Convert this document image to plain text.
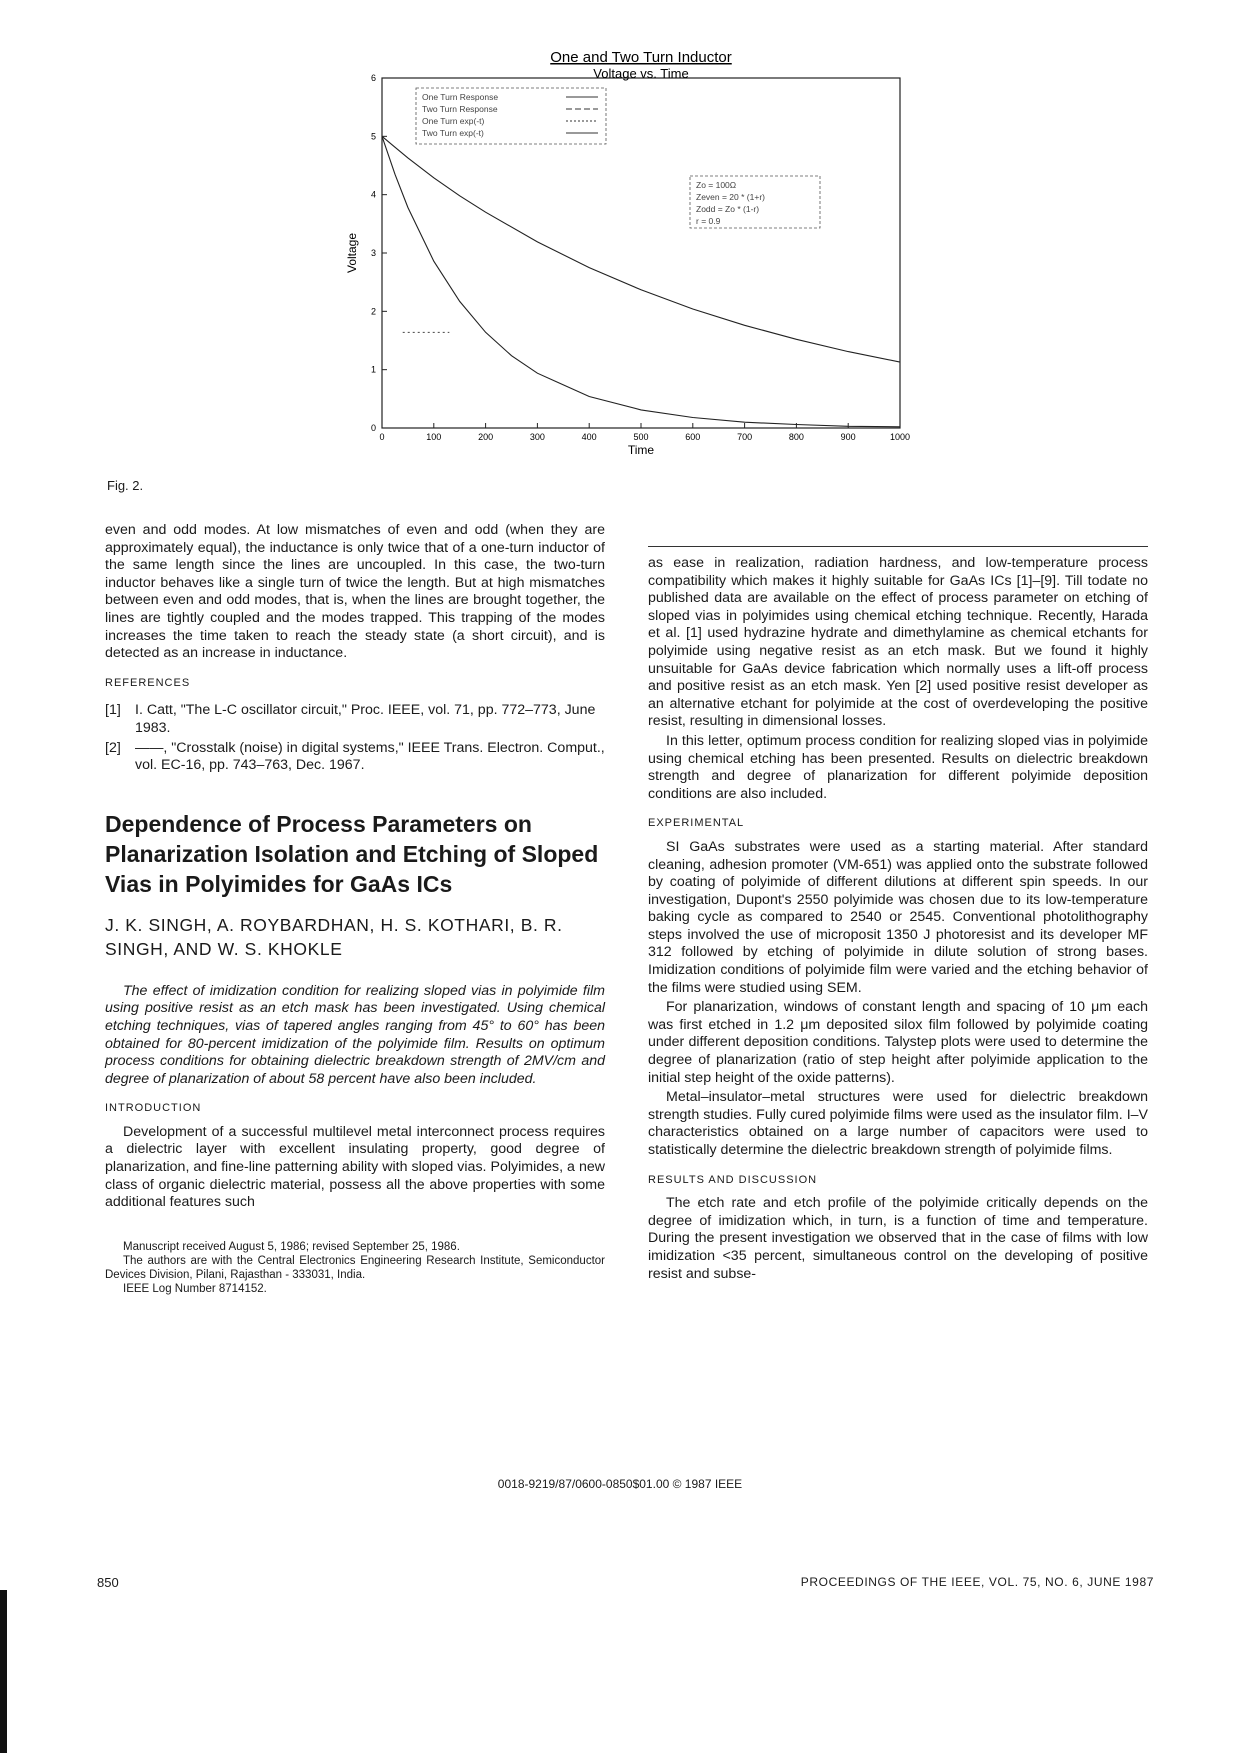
One and Two Turn Inductor
Voltage vs. Time
0	100	200	300	400	500	600	700	800	900	1000
0
1
2
3
4
5
6
Time
Voltage
One Turn Response
Two Turn Response
One Turn exp(-t)
Two Turn exp(-t)
Zo = 100Ω
Zeven = 20 * (1+r)
Zodd = Zo * (1-r)
r = 0.9
Fig. 2.

even and odd modes. At low mismatches of even and odd (when they are approximately equal), the inductance is only twice that of a one-turn inductor of the same length since the lines are uncoupled. In this case, the two-turn inductor behaves like a single turn of twice the length. But at high mismatches between even and odd modes, that is, when the lines are brought together, the lines are tightly coupled and the modes trapped. This trapping of the modes increases the time taken to reach the steady state (a short circuit), and is detected as an increase in inductance.

REFERENCES
[1] I. Catt, "The L-C oscillator circuit," Proc. IEEE, vol. 71, pp. 772–773, June 1983.
[2] ——, "Crosstalk (noise) in digital systems," IEEE Trans. Electron. Comput., vol. EC-16, pp. 743–763, Dec. 1967.
Dependence of Process Parameters on Planarization Isolation and Etching of Sloped Vias in Polyimides for GaAs ICs
J. K. SINGH, A. ROYBARDHAN, H. S. KOTHARI, B. R. SINGH, AND W. S. KHOKLE

The effect of imidization condition for realizing sloped vias in polyimide film using positive resist as an etch mask has been investigated. Using chemical etching techniques, vias of tapered angles ranging from 45° to 60° has been obtained for 80-percent imidization of the polyimide film. Results on optimum process conditions for obtaining dielectric breakdown strength of 2MV/cm and degree of planarization of about 58 percent have also been included.

INTRODUCTION

Development of a successful multilevel metal interconnect process requires a dielectric layer with excellent insulating property, good degree of planarization, and fine-line patterning ability with sloped vias. Polyimides, a new class of organic dielectric material, possess all the above properties with some additional features such

Manuscript received August 5, 1986; revised September 25, 1986.

The authors are with the Central Electronics Engineering Research Institute, Semiconductor Devices Division, Pilani, Rajasthan - 333031, India.

IEEE Log Number 8714152.

as ease in realization, radiation hardness, and low-temperature process compatibility which makes it highly suitable for GaAs ICs [1]–[9]. Till todate no published data are available on the effect of process parameter on etching of sloped vias in polyimides using chemical etching technique. Recently, Harada et al. [1] used hydrazine hydrate and dimethylamine as chemical etchants for polyimide using negative resist as an etch mask. But we found it highly unsuitable for GaAs device fabrication which normally uses a lift-off process and positive resist as an etch mask. Yen [2] used positive resist developer as an alternative etchant for polyimide at the cost of overdeveloping the positive resist, resulting in dimensional losses.

In this letter, optimum process condition for realizing sloped vias in polyimide using chemical etching has been presented. Results on dielectric breakdown strength and degree of planarization for different polyimide deposition conditions are also included.

EXPERIMENTAL

SI GaAs substrates were used as a starting material. After standard cleaning, adhesion promoter (VM-651) was applied onto the substrate followed by coating of polyimide of different dilutions at different spin speeds. In our investigation, Dupont's 2550 polyimide was chosen due to its low-temperature baking cycle as compared to 2540 or 2545. Conventional photolithography steps involved the use of microposit 1350 J photoresist and its developer MF 312 followed by etching of polyimide in dilute solution of strong bases. Imidization conditions of polyimide film were varied and the etching behavior of the films were studied using SEM.

For planarization, windows of constant length and spacing of 10 μm each was first etched in 1.2 μm deposited silox film followed by polyimide coating under different deposition conditions. Talystep plots were used to determine the degree of planarization (ratio of step height after polyimide application to the initial step height of the oxide patterns).

Metal–insulator–metal structures were used for dielectric breakdown strength studies. Fully cured polyimide films were used as the insulator film. I–V characteristics obtained on a large number of capacitors were used to statistically determine the dielectric breakdown strength of polyimide films.

RESULTS AND DISCUSSION

The etch rate and etch profile of the polyimide critically depends on the degree of imidization which, in turn, is a function of time and temperature. During the present investigation we observed that in the case of films with low imidization <35 percent, simultaneous control on the developing of positive resist and subse-

0018-9219/87/0600-0850$01.00 © 1987 IEEE
850	PROCEEDINGS OF THE IEEE, VOL. 75, NO. 6, JUNE 1987
